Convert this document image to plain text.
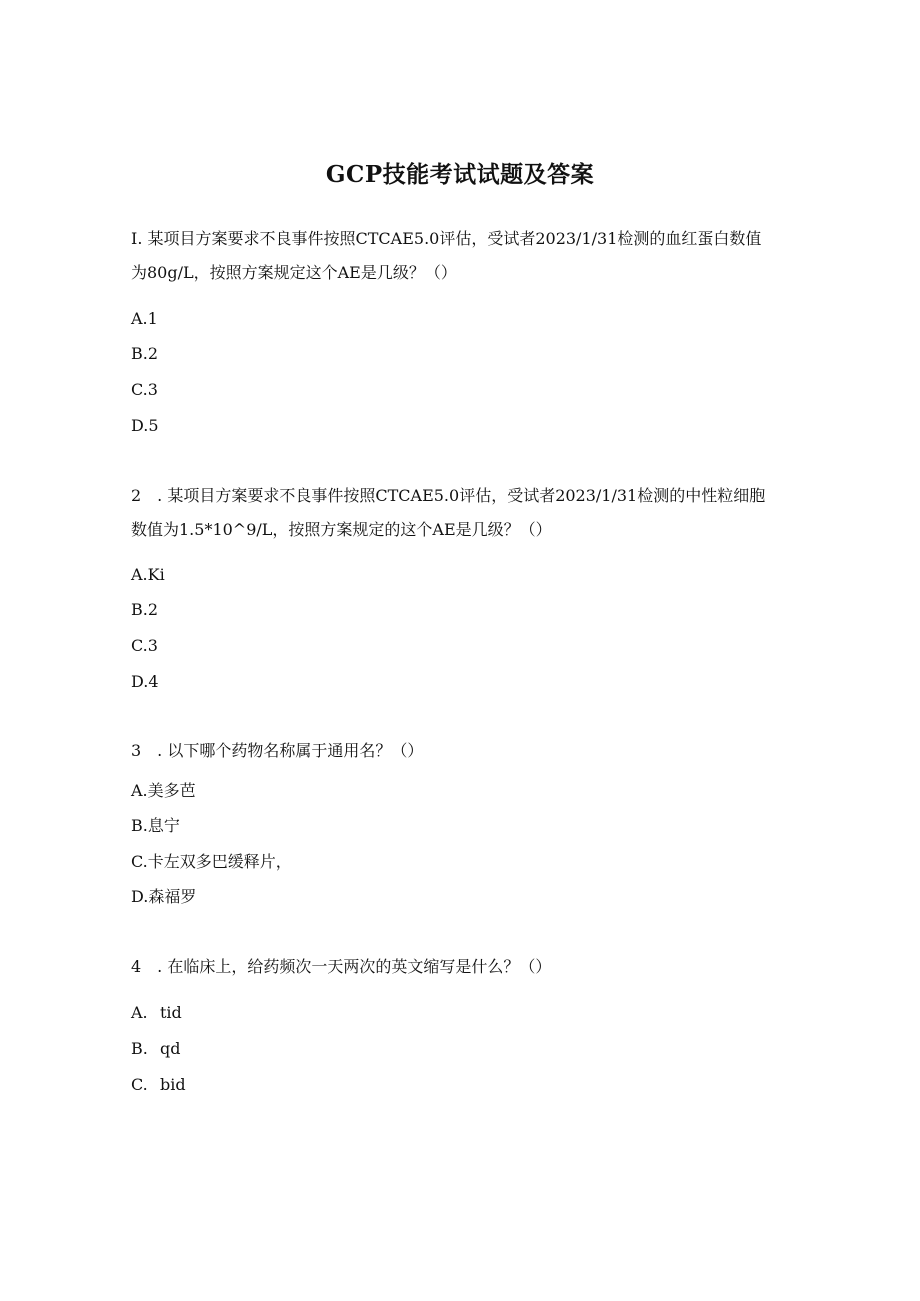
GCP技能考试试题及答案

I. 某项目方案要求不良事件按照CTCAE5.0评估，受试者2023/1/31检测的血红蛋白数值

为80g/L，按照方案规定这个AE是几级？（）

A.1
B.2
C.3
D.5

2　. 某项目方案要求不良事件按照CTCAE5.0评估，受试者2023/1/31检测的中性粒细胞

数值为1.5*10^9/L，按照方案规定的这个AE是几级？（）

A.Ki
B.2
C.3
D.4

3　. 以下哪个药物名称属于通用名？（）

A.美多芭
B.息宁
C.卡左双多巴缓释片，
D.森福罗

4　. 在临床上，给药频次一天两次的英文缩写是什么？（）

A. tid
B. qd
C. bid
